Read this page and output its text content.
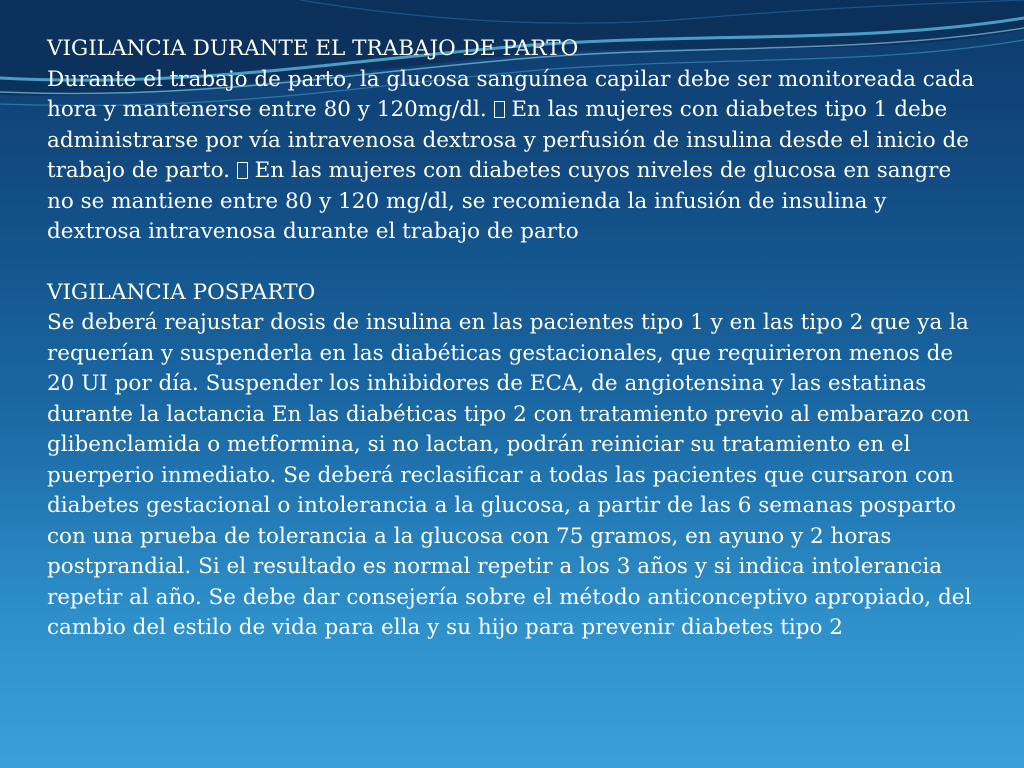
VIGILANCIA DURANTE EL TRABAJO DE PARTO

Durante el trabajo de parto, la glucosa sanguínea capilar debe ser monitoreada cada hora y mantenerse entre 80 y 120mg/dl.  En las mujeres con diabetes tipo 1 debe administrarse por vía intravenosa dextrosa y perfusión de insulina desde el inicio de trabajo de parto.  En las mujeres con diabetes cuyos niveles de glucosa en sangre no se mantiene entre 80 y 120 mg/dl, se recomienda la infusión de insulina y dextrosa intravenosa durante el trabajo de parto

VIGILANCIA POSPARTO

Se deberá reajustar dosis de insulina en las pacientes tipo 1 y en las tipo 2 que ya la requerían y suspenderla en las diabéticas gestacionales, que requirieron menos de 20 UI por día. Suspender los inhibidores de ECA, de angiotensina y las estatinas durante la lactancia En las diabéticas tipo 2 con tratamiento previo al embarazo con glibenclamida o metformina, si no lactan, podrán reiniciar su tratamiento en el puerperio inmediato. Se deberá reclasificar a todas las pacientes que cursaron con diabetes gestacional o intolerancia a la glucosa, a partir de las 6 semanas posparto con una prueba de tolerancia a la glucosa con 75 gramos, en ayuno y 2 horas postprandial. Si el resultado es normal repetir a los 3 años y si indica intolerancia repetir al año. Se debe dar consejería sobre el método anticonceptivo apropiado, del cambio del estilo de vida para ella y su hijo para prevenir diabetes tipo 2
